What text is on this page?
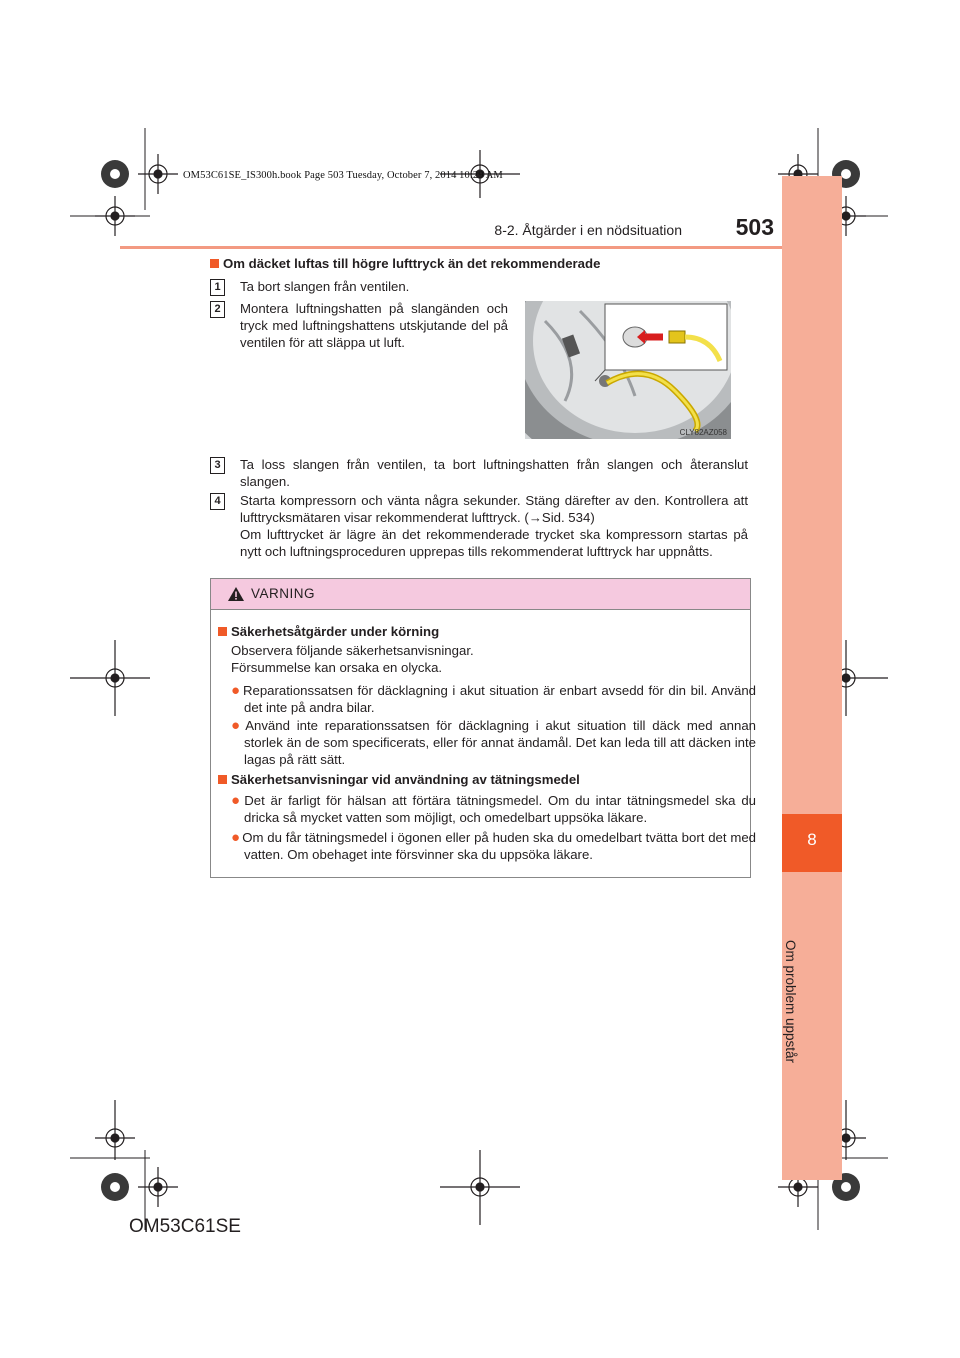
OM53C61SE_IS300h.book Page 503 Tuesday, October 7, 2014 10:29 AM
8-2. Åtgärder i en nödsituation	503
8
Om problem uppstår
Om däcket luftas till högre lufttryck än det rekommenderade
1	Ta bort slangen från ventilen.
2	Montera luftningshatten på slangänden och tryck med luftningshattens utskjutande del på ventilen för att släppa ut luft.
CLY82AZ058
3	Ta loss slangen från ventilen, ta bort luftningshatten från slangen och återanslut slangen.
4	Starta kompressorn och vänta några sekunder. Stäng därefter av den. Kontrollera att lufttrycksmätaren visar rekommenderat lufttryck. (→Sid. 534)
Om lufttrycket är lägre än det rekommenderade trycket ska kompressorn startas på nytt och luftningsproceduren upprepas tills rekommenderat lufttryck har uppnåtts.
VARNING
Säkerhetsåtgärder under körning
Observera följande säkerhetsanvisningar.
Försummelse kan orsaka en olycka.
● Reparationssatsen för däcklagning i akut situation är enbart avsedd för din bil. Använd det inte på andra bilar.
● Använd inte reparationssatsen för däcklagning i akut situation till däck med annan storlek än de som specificerats, eller för annat ändamål. Det kan leda till att däcken inte lagas på rätt sätt.
Säkerhetsanvisningar vid användning av tätningsmedel
● Det är farligt för hälsan att förtära tätningsmedel. Om du intar tätningsmedel ska du dricka så mycket vatten som möjligt, och omedelbart uppsöka läkare.
● Om du får tätningsmedel i ögonen eller på huden ska du omedelbart tvätta bort det med vatten. Om obehaget inte försvinner ska du uppsöka läkare.
OM53C61SE
